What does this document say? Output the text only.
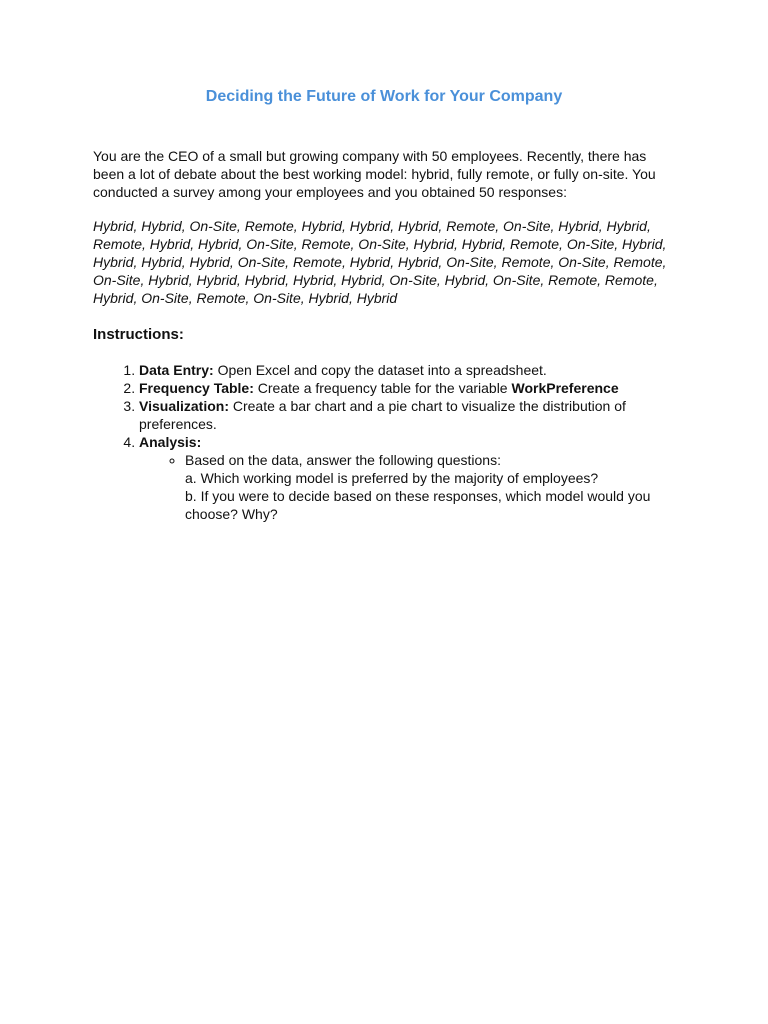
Deciding the Future of Work for Your Company

You are the CEO of a small but growing company with 50 employees. Recently, there has been a lot of debate about the best working model: hybrid, fully remote, or fully on-site. You conducted a survey among your employees and you obtained 50 responses:

Hybrid, Hybrid, On-Site, Remote, Hybrid, Hybrid, Hybrid, Remote, On-Site, Hybrid, Hybrid, Remote, Hybrid, Hybrid, On-Site, Remote, On-Site, Hybrid, Hybrid, Remote, On-Site, Hybrid, Hybrid, Hybrid, Hybrid, On-Site, Remote, Hybrid, Hybrid, On-Site, Remote, On-Site, Remote, On-Site, Hybrid, Hybrid, Hybrid, Hybrid, Hybrid, On-Site, Hybrid, On-Site, Remote, Remote, Hybrid, On-Site, Remote, On-Site, Hybrid, Hybrid

Instructions:
1. Data Entry: Open Excel and copy the dataset into a spreadsheet.
2. Frequency Table: Create a frequency table for the variable WorkPreference
3. Visualization: Create a bar chart and a pie chart to visualize the distribution of preferences.
4. Analysis:
◦ Based on the data, answer the following questions:
a. Which working model is preferred by the majority of employees?
b. If you were to decide based on these responses, which model would you choose? Why?
